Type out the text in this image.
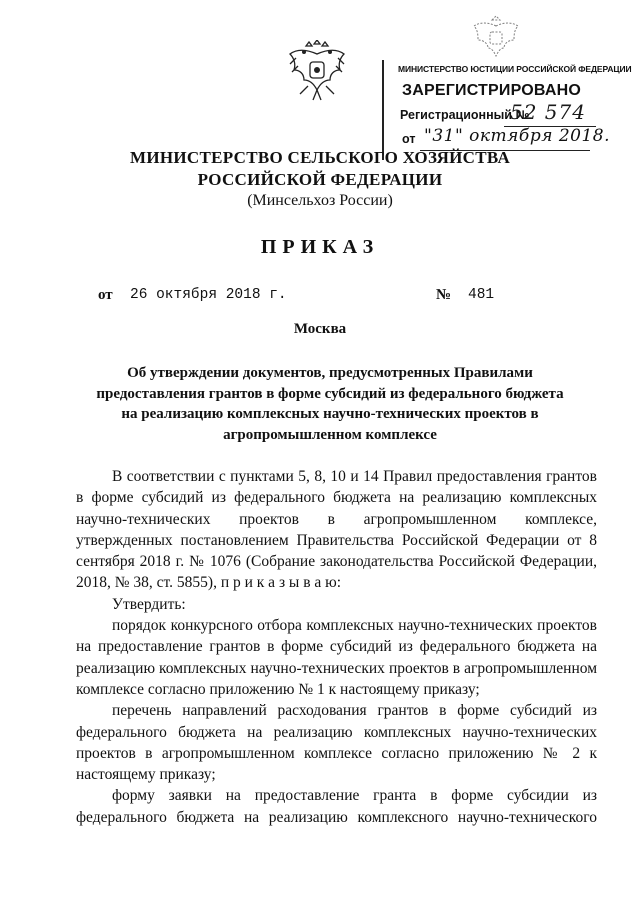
МИНИСТЕРСТВО ЮСТИЦИИ РОССИЙСКОЙ ФЕДЕРАЦИИ
ЗАРЕГИСТРИРОВАНО
Регистрационный №
52 574
от "31" октября 2018.
МИНИСТЕРСТВО СЕЛЬСКОГО ХОЗЯЙСТВА
РОССИЙСКОЙ ФЕДЕРАЦИИ
(Минсельхоз России)
ПРИКАЗ
от 26 октября 2018 г.	№ 481
Москва
Об утверждении документов, предусмотренных Правилами предоставления грантов в форме субсидий из федерального бюджета на реализацию комплексных научно-технических проектов в агропромышленном комплексе

В соответствии с пунктами 5, 8, 10 и 14 Правил предоставления грантов в форме субсидий из федерального бюджета на реализацию комплексных научно-технических проектов в агропромышленном комплексе, утвержденных постановлением Правительства Российской Федерации от 8 сентября 2018 г. № 1076 (Собрание законодательства Российской Федерации, 2018, № 38, ст. 5855), п р и к а з ы в а ю:

Утвердить:

порядок конкурсного отбора комплексных научно-технических проектов на предоставление грантов в форме субсидий из федерального бюджета на реализацию комплексных научно-технических проектов в агропромышленном комплексе согласно приложению № 1 к настоящему приказу;

перечень направлений расходования грантов в форме субсидий из федерального бюджета на реализацию комплексных научно-технических проектов в агропромышленном комплексе согласно приложению № 2 к настоящему приказу;

форму заявки на предоставление гранта в форме субсидии из федерального бюджета на реализацию комплексного научно-технического
